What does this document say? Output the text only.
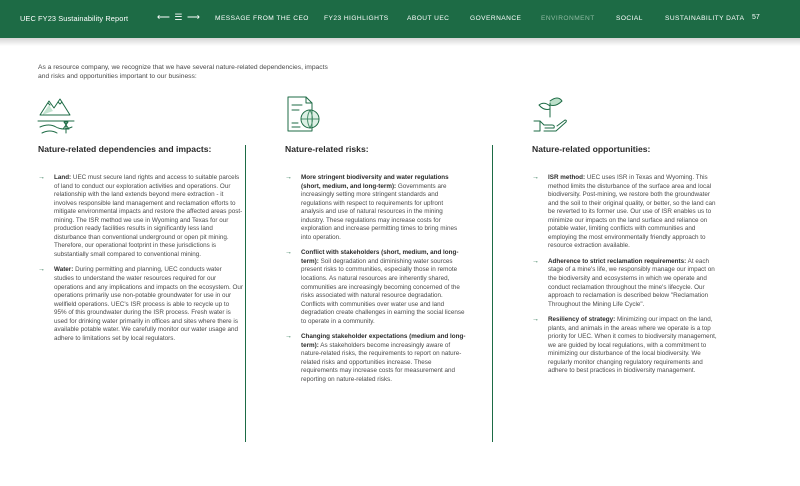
UEC FY23 Sustainability Report	⟵ ☰ ⟶ MESSAGE FROM THE CEO FY23 HIGHLIGHTS	ABOUT UEC	GOVERNANCE	ENVIRONMENT	SOCIAL	SUSTAINABILITY DATA 57

As a resource company, we recognize that we have several nature-related dependencies, impacts and risks and opportunities important to our business:

Nature-related dependencies and impacts:
→ Land: UEC must secure land rights and access to suitable parcels of land to conduct our exploration activities and operations. Our relationship with the land extends beyond mere extraction - it involves responsible land management and reclamation efforts to mitigate environmental impacts and restore the affected areas post-mining. The ISR method we use in Wyoming and Texas for our production ready facilities results in significantly less land disturbance than conventional underground or open pit mining. Therefore, our operational footprint in these jurisdictions is substantially small compared to conventional mining.
→ Water: During permitting and planning, UEC conducts water studies to understand the water resources required for our operations and any implications and impacts on the ecosystem. Our operations primarily use non-potable groundwater for use in our wellfield operations. UEC's ISR process is able to recycle up to 95% of this groundwater during the ISR process. Fresh water is used for drinking water primarily in offices and sites where there is available potable water. We carefully monitor our water usage and adhere to limitations set by local regulators.
Nature-related risks:
→ More stringent biodiversity and water regulations (short, medium, and long-term): Governments are increasingly setting more stringent standards and regulations with respect to requirements for upfront analysis and use of natural resources in the mining industry. These regulations may increase costs for exploration and increase permitting times to bring mines into operation.
→ Conflict with stakeholders (short, medium, and long-term): Soil degradation and diminishing water sources present risks to communities, especially those in remote locations. As natural resources are inherently shared, communities are increasingly becoming concerned of the risks associated with natural resource degradation. Conflicts with communities over water use and land degradation create challenges in earning the social license to operate in a community.
→ Changing stakeholder expectations (medium and long-term): As stakeholders become increasingly aware of nature-related risks, the requirements to report on nature-related risks and opportunities increase. These requirements may increase costs for measurement and reporting on nature-related risks.
Nature-related opportunities:
→ ISR method: UEC uses ISR in Texas and Wyoming. This method limits the disturbance of the surface area and local biodiversity. Post-mining, we restore both the groundwater and the soil to their original quality, or better, so the land can be reverted to its former use. Our use of ISR enables us to minimize our impacts on the land surface and reliance on potable water, limiting conflicts with communities and employing the most environmentally friendly approach to resource extraction available.
→ Adherence to strict reclamation requirements: At each stage of a mine's life, we responsibly manage our impact on the biodiversity and ecosystems in which we operate and conduct reclamation throughout the mine's lifecycle. Our approach to reclamation is described below "Reclamation Throughout the Mining Life Cycle".
→ Resiliency of strategy: Minimizing our impact on the land, plants, and animals in the areas where we operate is a top priority for UEC. When it comes to biodiversity management, we are guided by local regulations, with a commitment to minimizing our disturbance of the local biodiversity. We regularly monitor changing regulatory requirements and adhere to best practices in biodiversity management.
